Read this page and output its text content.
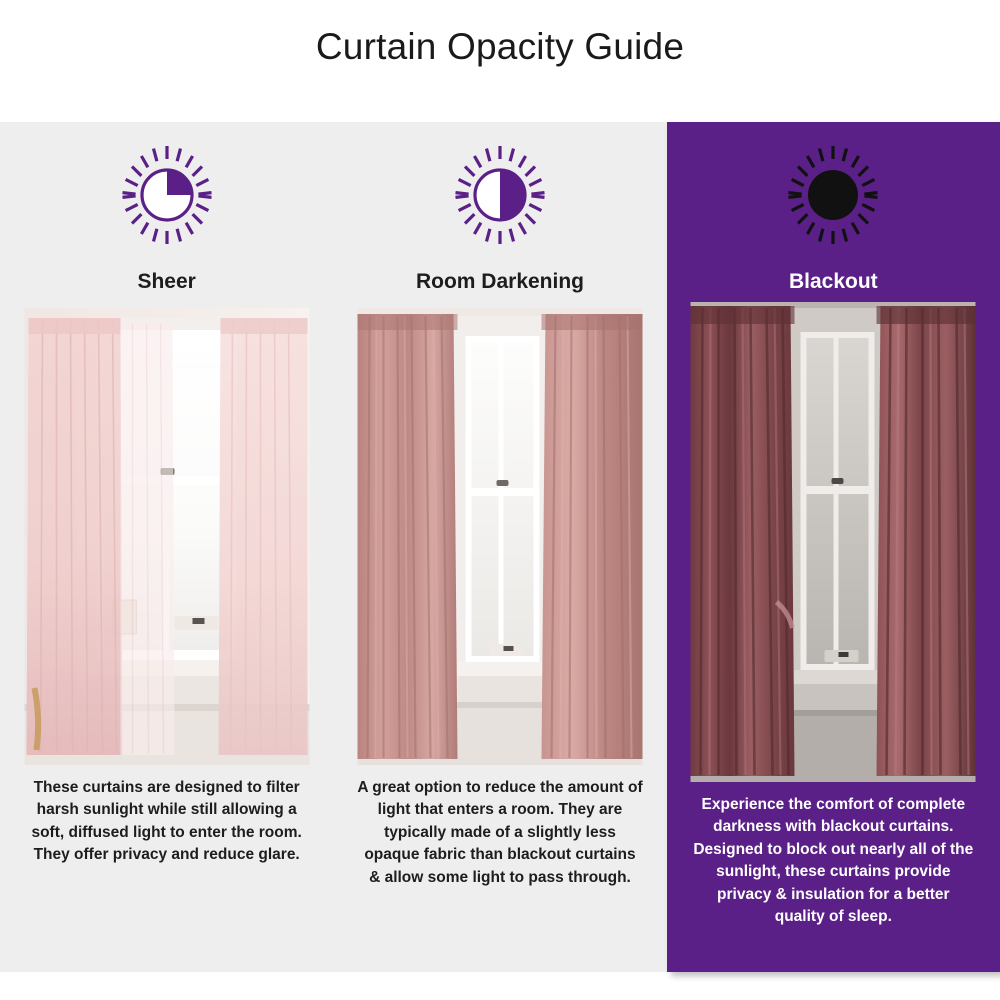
Curtain Opacity Guide
Sheer
These curtains are designed to filter harsh sunlight while still allowing a soft, diffused light to enter the room. They offer privacy and reduce glare.
Room Darkening
A great option to reduce the amount of light that enters a room. They are typically made of a slightly less opaque fabric than blackout curtains & allow some light to pass through.
Blackout
Experience the comfort of complete darkness with blackout curtains. Designed to block out nearly all of the sunlight, these curtains provide privacy & insulation for a better quality of sleep.
